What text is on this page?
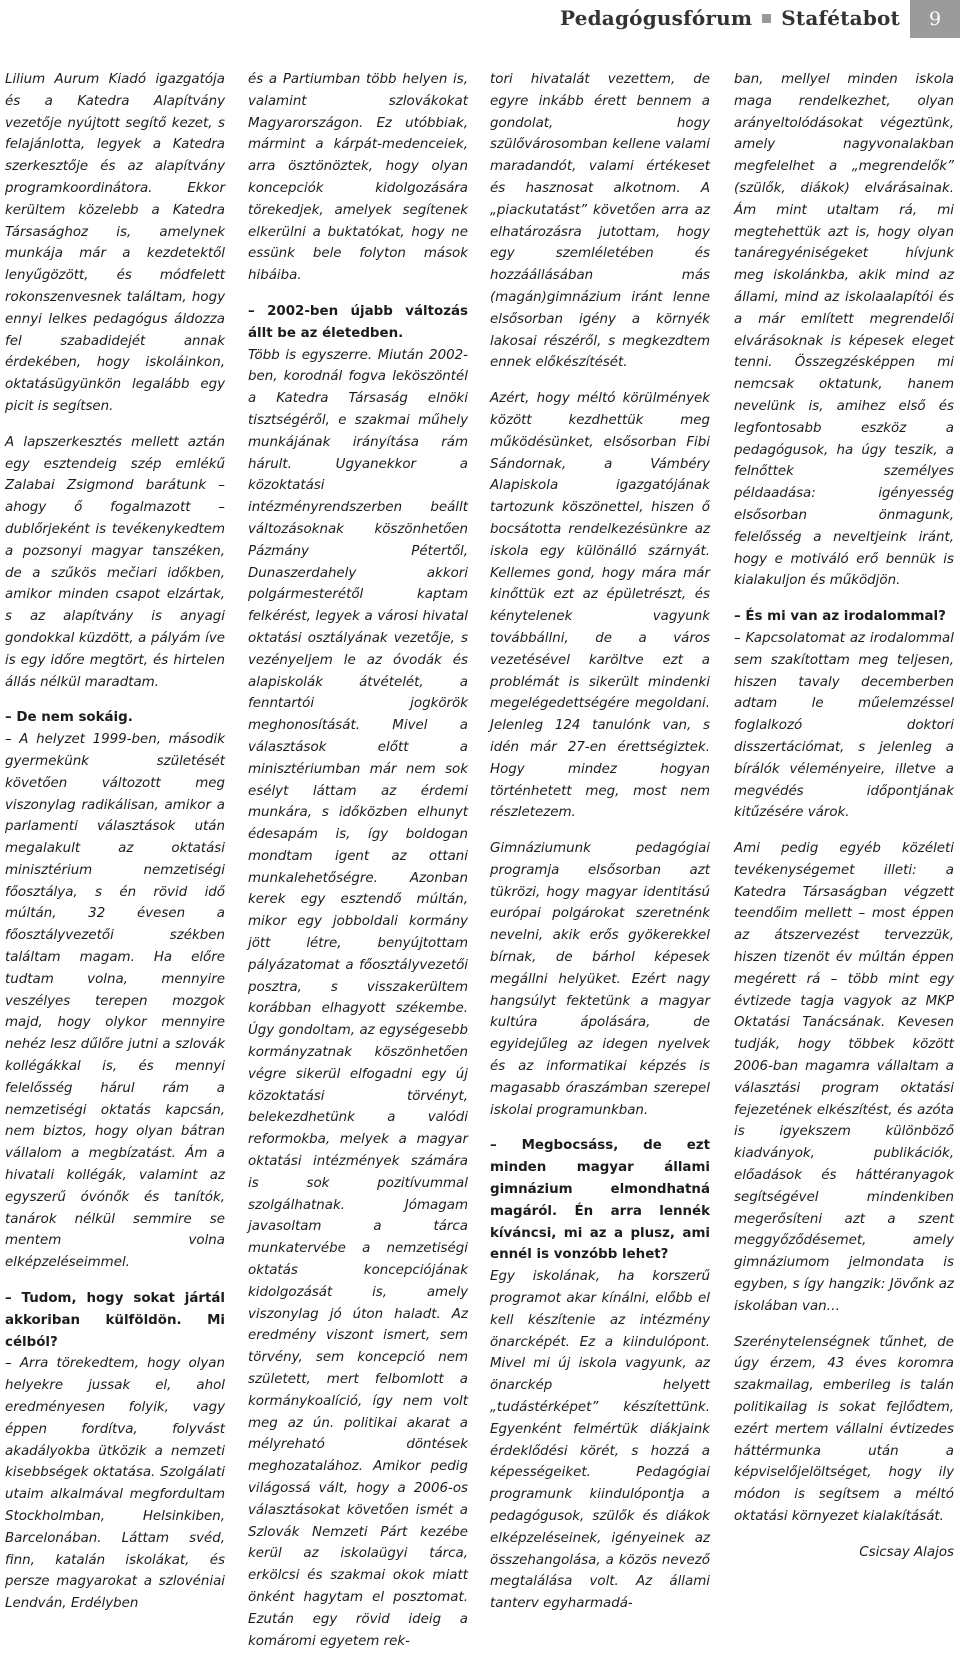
Pedagógusfórum Stafétabot	9

Lilium Aurum Kiadó igazgatója és a Katedra Alapítvány vezetője nyújtott segítő kezet, s felajánlotta, legyek a Katedra szerkesztője és az alapítvány programkoordinátora. Ekkor kerültem közelebb a Katedra Társasághoz is, amelynek munkája már a kezdetektől lenyűgözött, és módfelett rokonszenvesnek találtam, hogy ennyi lelkes pedagógus áldozza fel szabadidejét annak érdekében, hogy iskoláinkon, oktatásügyünkön legalább egy picit is segítsen.

A lapszerkesztés mellett aztán egy esztendeig szép emlékű Zalabai Zsigmond barátunk – ahogy ő fogalmazott – dublőrjeként is tevékenykedtem a pozsonyi magyar tanszéken, de a szűkös mečiari időkben, amikor minden csapot elzártak, s az alapítvány is anyagi gondokkal küzdött, a pályám íve is egy időre megtört, és hirtelen állás nélkül maradtam.

– De nem sokáig.

– A helyzet 1999-ben, második gyermekünk születését követően változott meg viszonylag radikálisan, amikor a parlamenti választások után megalakult az oktatási minisztérium nemzetiségi főosztálya, s én rövid idő múltán, 32 évesen a főosztályvezetői székben találtam magam. Ha előre tudtam volna, mennyire veszélyes terepen mozgok majd, hogy olykor mennyire nehéz lesz dűlőre jutni a szlovák kollégákkal is, és mennyi felelősség hárul rám a nemzetiségi oktatás kapcsán, nem biztos, hogy olyan bátran vállalom a megbízatást. Ám a hivatali kollégák, valamint az egyszerű óvónők és tanítók, tanárok nélkül semmire se mentem volna elképzeléseimmel.

– Tudom, hogy sokat jártál akkoriban külföldön. Mi célból?

– Arra törekedtem, hogy olyan helyekre jussak el, ahol eredményesen folyik, vagy éppen fordítva, folyvást akadályokba ütközik a nemzeti kisebbségek oktatása. Szolgálati utaim alkalmával megfordultam Stockholmban, Helsinkiben, Barcelonában. Láttam svéd, finn, katalán iskolákat, és persze magyarokat a szlovéniai Lendván, Erdélyben

és a Partiumban több helyen is, valamint szlovákokat Magyarországon. Ez utóbbiak, mármint a kárpát-medenceiek, arra ösztönöztek, hogy olyan koncepciók kidolgozására törekedjek, amelyek segítenek elkerülni a buktatókat, hogy ne essünk bele folyton mások hibáiba.

– 2002-ben újabb változás állt be az életedben.

Több is egyszerre. Miután 2002-ben, korodnál fogva leköszöntél a Katedra Társaság elnöki tisztségéről, e szakmai műhely munkájának irányítása rám hárult. Ugyanekkor a közoktatási intézményrendszerben beállt változásoknak köszönhetően Pázmány Pétertől, Dunaszerdahely akkori polgármesterétől kaptam felkérést, legyek a városi hivatal oktatási osztályának vezetője, s vezényeljem le az óvodák és alapiskolák átvételét, a fenntartói jogkörök meghonosítását. Mivel a választások előtt a minisztériumban már nem sok esélyt láttam az érdemi munkára, s időközben elhunyt édesapám is, így boldogan mondtam igent az ottani munkalehetőségre. Azonban kerek egy esztendő múltán, mikor egy jobboldali kormány jött létre, benyújtottam pályázatomat a főosztályvezetői posztra, s visszakerültem korábban elhagyott székembe. Úgy gondoltam, az egységesebb kormányzatnak köszönhetően végre sikerül elfogadni egy új közoktatási törvényt, belekezdhetünk a valódi reformokba, melyek a magyar oktatási intézmények számára is sok pozitívummal szolgálhatnak. Jómagam javasoltam a tárca munkatervébe a nemzetiségi oktatás koncepciójának kidolgozását is, amely viszonylag jó úton haladt. Az eredmény viszont ismert, sem törvény, sem koncepció nem született, mert felbomlott a kormánykoalíció, így nem volt meg az ún. politikai akarat a mélyreható döntések meghozatalához. Amikor pedig világossá vált, hogy a 2006-os választásokat követően ismét a Szlovák Nemzeti Párt kezébe kerül az iskolaügyi tárca, erkölcsi és szakmai okok miatt önként hagytam el posztomat. Ezután egy rövid ideig a komáromi egyetem rek-

tori hivatalát vezettem, de egyre inkább érett bennem a gondolat, hogy szülővárosomban kellene valami maradandót, valami értékeset és hasznosat alkotnom. A „piackutatást” követően arra az elhatározásra jutottam, hogy egy szemléletében és hozzáállásában más (magán)gimnázium iránt lenne elsősorban igény a környék lakosai részéről, s megkezdtem ennek előkészítését.

Azért, hogy méltó körülmények között kezdhettük meg működésünket, elsősorban Fibi Sándornak, a Vámbéry Alapiskola igazgatójának tartozunk köszönettel, hiszen ő bocsátotta rendelkezésünkre az iskola egy különálló szárnyát. Kellemes gond, hogy mára már kinőttük ezt az épületrészt, és kénytelenek vagyunk továbbállni, de a város vezetésével karöltve ezt a problémát is sikerült mindenki megelégedettségére megoldani. Jelenleg 124 tanulónk van, s idén már 27-en érettségiztek. Hogy mindez hogyan történhetett meg, most nem részletezem.

Gimnáziumunk pedagógiai programja elsősorban azt tükrözi, hogy magyar identitású európai polgárokat szeretnénk nevelni, akik erős gyökerekkel bírnak, de bárhol képesek megállni helyüket. Ezért nagy hangsúlyt fektetünk a magyar kultúra ápolására, de egyidejűleg az idegen nyelvek és az informatikai képzés is magasabb óraszámban szerepel iskolai programunkban.

– Megbocsáss, de ezt minden magyar állami gimnázium elmondhatná magáról. Én arra lennék kíváncsi, mi az a plusz, ami ennél is vonzóbb lehet?

Egy iskolának, ha korszerű programot akar kínálni, előbb el kell készítenie az intézmény önarcképét. Ez a kiindulópont. Mivel mi új iskola vagyunk, az önarckép helyett „tudástérképet” készítettünk. Egyenként felmértük diákjaink érdeklődési körét, s hozzá a képességeiket. Pedagógiai programunk kiindulópontja a pedagógusok, szülők és diákok elképzeléseinek, igényeinek az összehangolása, a közös nevező megtalálása volt. Az állami tanterv egyharmadá-

ban, mellyel minden iskola maga rendelkezhet, olyan arányeltolódásokat végeztünk, amely nagyvonalakban megfelelhet a „megrendelők” (szülők, diákok) elvárásainak. Ám mint utaltam rá, mi megtehettük azt is, hogy olyan tanáregyéniségeket hívjunk meg iskolánkba, akik mind az állami, mind az iskolaalapítói és a már említett megrendelői elvárásoknak is képesek eleget tenni. Összegzésképpen mi nemcsak oktatunk, hanem nevelünk is, amihez első és legfontosabb eszköz a pedagógusok, ha úgy teszik, a felnőttek személyes példaadása: igényesség elsősorban önmagunk, felelősség a neveltjeink iránt, hogy e motiváló erő bennük is kialakuljon és működjön.

– És mi van az irodalommal?

– Kapcsolatomat az irodalommal sem szakítottam meg teljesen, hiszen tavaly decemberben adtam le műelemzéssel foglalkozó doktori disszertációmat, s jelenleg a bírálók véleményeire, illetve a megvédés időpontjának kitűzésére várok.

Ami pedig egyéb közéleti tevékenységemet illeti: a Katedra Társaságban végzett teendőim mellett – most éppen az átszervezést tervezzük, hiszen tizenöt év múltán éppen megérett rá – több mint egy évtizede tagja vagyok az MKP Oktatási Tanácsának. Kevesen tudják, hogy többek között 2006-ban magamra vállaltam a választási program oktatási fejezetének elkészítést, és azóta is igyekszem különböző kiadványok, publikációk, előadások és háttéranyagok segítségével mindenkiben megerősíteni azt a szent meggyőződésemet, amely gimnáziumom jelmondata is egyben, s így hangzik: Jövőnk az iskolában van…

Szerénytelenségnek tűnhet, de úgy érzem, 43 éves koromra szakmailag, emberileg is talán politikailag is sokat fejlődtem, ezért mertem vállalni évtizedes háttérmunka után a képviselőjelöltséget, hogy ily módon is segítsem a méltó oktatási környezet kialakítását.

Csicsay Alajos
